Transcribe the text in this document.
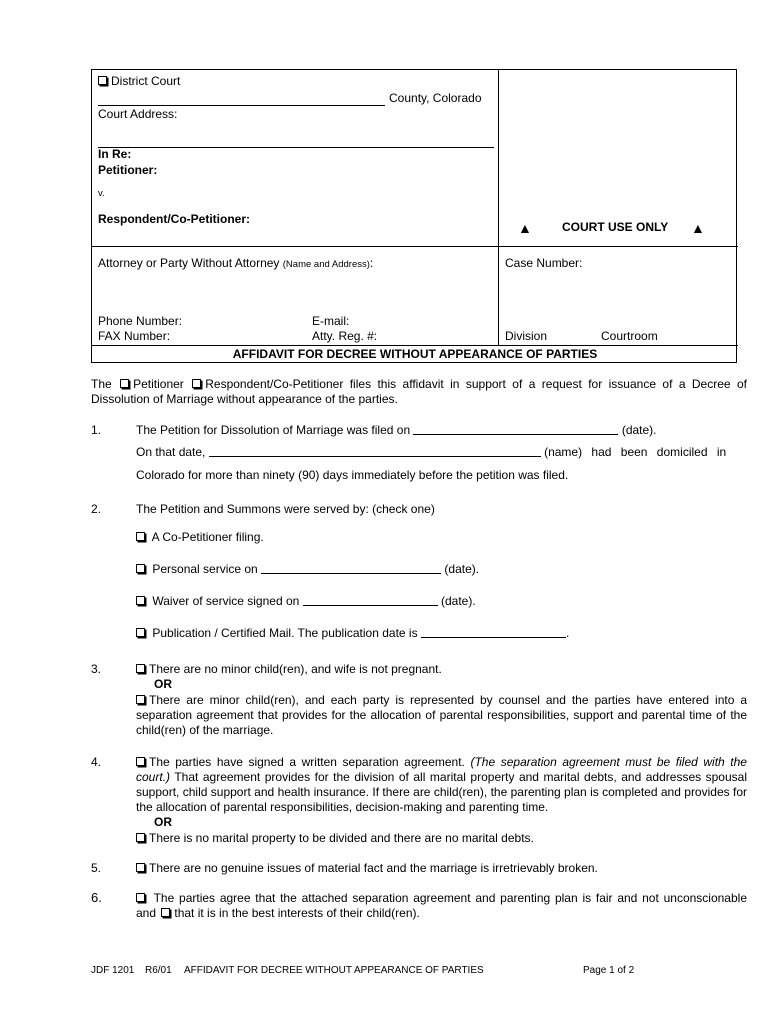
District Court
County, Colorado
Court Address:
In Re:
Petitioner:
v.
Respondent/Co-Petitioner:
▲	COURT USE ONLY ▲
Attorney or Party Without Attorney (Name and Address):	Case Number:
Phone Number:	E-mail:
FAX Number:	Atty. Reg. #:	Division	Courtroom
AFFIDAVIT FOR DECREE WITHOUT APPEARANCE OF PARTIES
The Petitioner Respondent/Co-Petitioner files this affidavit in support of a request for issuance of a Decree of Dissolution of Marriage without appearance of the parties.
1.	The Petition for Dissolution of Marriage was filed on	(date).
On that date,	(name) had been domiciled in
Colorado for more than ninety (90) days immediately before the petition was filed.
2.	The Petition and Summons were served by: (check one)
A Co-Petitioner filing.
Personal service on	(date).
Waiver of service signed on	(date).
Publication / Certified Mail. The publication date is	.
3.	There are no minor child(ren), and wife is not pregnant.
OR
There are minor child(ren), and each party is represented by counsel and the parties have entered into a separation agreement that provides for the allocation of parental responsibilities, support and parental time of the child(ren) of the marriage.
4.	The parties have signed a written separation agreement. (The separation agreement must be filed with the court.) That agreement provides for the division of all marital property and marital debts, and addresses spousal support, child support and health insurance. If there are child(ren), the parenting plan is completed and provides for the allocation of parental responsibilities, decision-making and parenting time.
OR
There is no marital property to be divided and there are no marital debts.
5.	There are no genuine issues of material fact and the marriage is irretrievably broken.
6.	The parties agree that the attached separation agreement and parenting plan is fair and not unconscionable and that it is in the best interests of their child(ren).
JDF 1201 R6/01 AFFIDAVIT FOR DECREE WITHOUT APPEARANCE OF PARTIES	Page 1 of 2
